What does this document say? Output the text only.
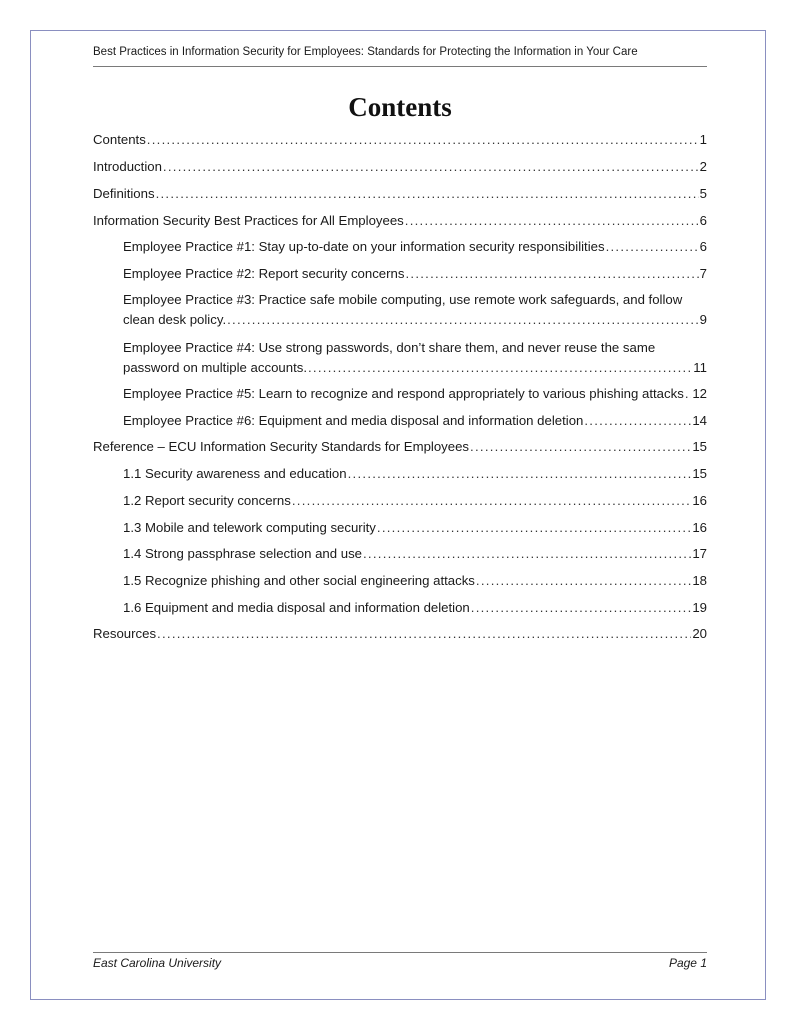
Best Practices in Information Security for Employees: Standards for Protecting the Information in Your Care
Contents
Contents . . .	1
Introduction . . .	2
Definitions . . .	5
Information Security Best Practices for All Employees . . .	6
Employee Practice #1: Stay up-to-date on your information security responsibilities . . .	6
Employee Practice #2: Report security concerns . . .	7
Employee Practice #3: Practice safe mobile computing, use remote work safeguards, and follow
clean desk policy. . . .	9
Employee Practice #4: Use strong passwords, don’t share them, and never reuse the same
password on multiple accounts. . . .	11
Employee Practice #5: Learn to recognize and respond appropriately to various phishing attacks . . . 12
Employee Practice #6: Equipment and media disposal and information deletion . . .	14
Reference – ECU Information Security Standards for Employees . . .	15
1.1 Security awareness and education . . .	15
1.2 Report security concerns . . .	16
1.3 Mobile and telework computing security . . .	16
1.4 Strong passphrase selection and use . . .	17
1.5 Recognize phishing and other social engineering attacks . . .	18
1.6 Equipment and media disposal and information deletion . . .	19
Resources . . .	20
East Carolina University	Page 1
